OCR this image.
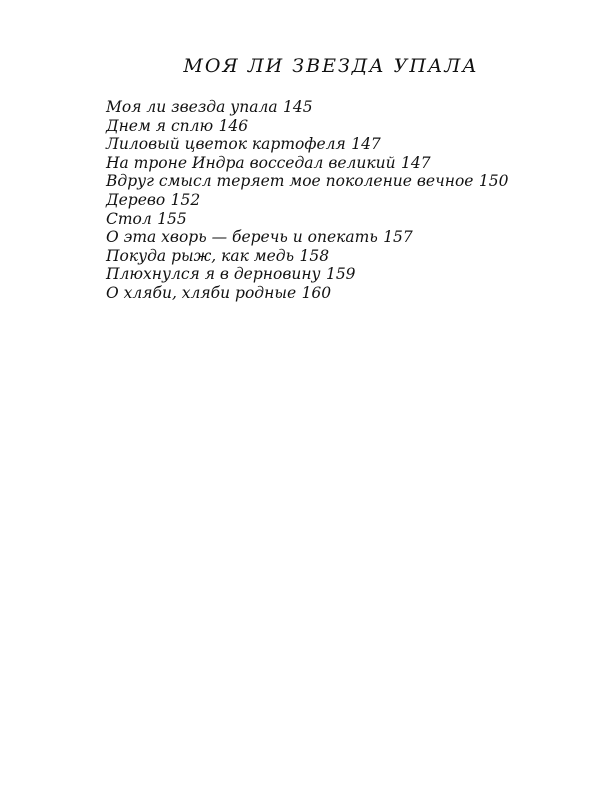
МОЯ ЛИ ЗВЕЗДА УПАЛА
Моя ли звезда упала 145
Днем я сплю 146
Лиловый цветок картофеля 147
На троне Индра восседал великий 147
Вдруг смысл теряет мое поколение вечное 150
Дерево 152
Стол 155
О эта хворь — беречь и опекать 157
Покуда рыж, как медь 158
Плюхнулся я в дерновину 159
О хляби, хляби родные 160
